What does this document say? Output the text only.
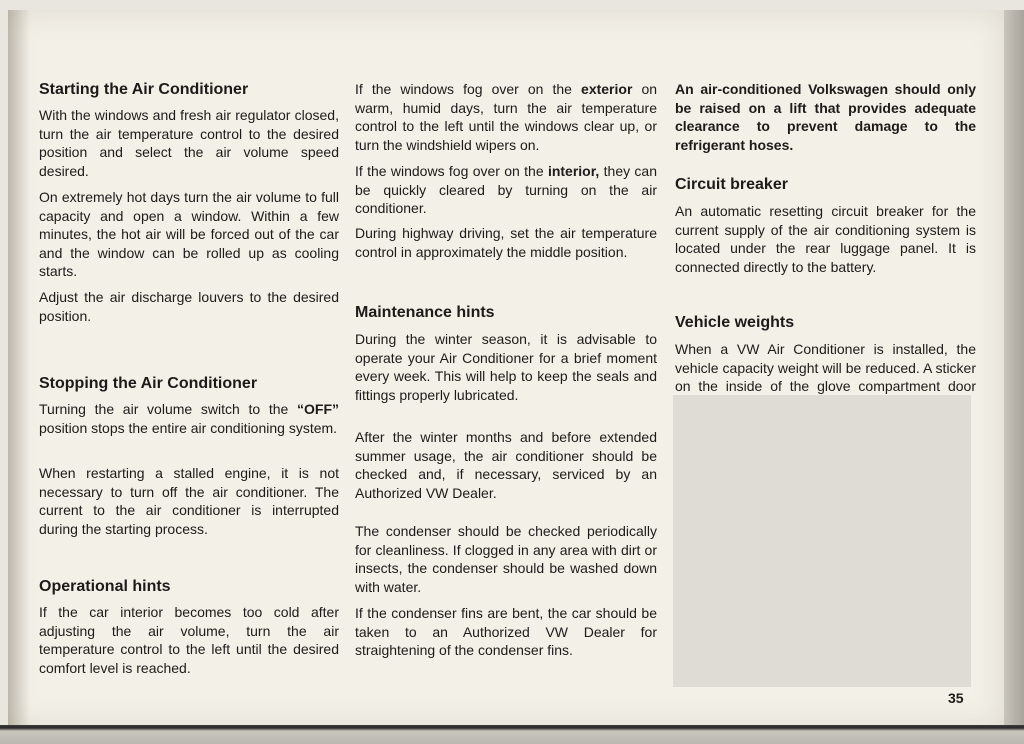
Starting the Air Conditioner

With the windows and fresh air regulator closed, turn the air temperature control to the desired position and select the air volume speed desired.

On extremely hot days turn the air volume to full capacity and open a window. Within a few minutes, the hot air will be forced out of the car and the window can be rolled up as cooling starts.

Adjust the air discharge louvers to the desired position.

Stopping the Air Conditioner

Turning the air volume switch to the “OFF” position stops the entire air conditioning system.

When restarting a stalled engine, it is not necessary to turn off the air conditioner. The current to the air conditioner is interrupted during the starting process.

Operational hints

If the car interior becomes too cold after adjusting the air volume, turn the air temperature control to the left until the desired comfort level is reached.

If the windows fog over on the exterior on warm, humid days, turn the air temperature control to the left until the windows clear up, or turn the windshield wipers on.

If the windows fog over on the interior, they can be quickly cleared by turning on the air conditioner.

During highway driving, set the air temperature control in approximately the middle position.

Maintenance hints

During the winter season, it is advisable to operate your Air Conditioner for a brief moment every week. This will help to keep the seals and fittings properly lubricated.

After the winter months and before extended summer usage, the air conditioner should be checked and, if necessary, serviced by an Authorized VW Dealer.

The condenser should be checked periodically for cleanliness. If clogged in any area with dirt or insects, the condenser should be washed down with water.

If the condenser fins are bent, the car should be taken to an Authorized VW Dealer for straightening of the condenser fins.

An air-conditioned Volkswagen should only be raised on a lift that provides adequate clearance to prevent damage to the refrigerant hoses.

Circuit breaker

An automatic resetting circuit breaker for the current supply of the air conditioning system is located under the rear luggage panel. It is connected directly to the battery.

Vehicle weights

When a VW Air Conditioner is installed, the vehicle capacity weight will be reduced. A sticker on the inside of the glove compartment door

35
